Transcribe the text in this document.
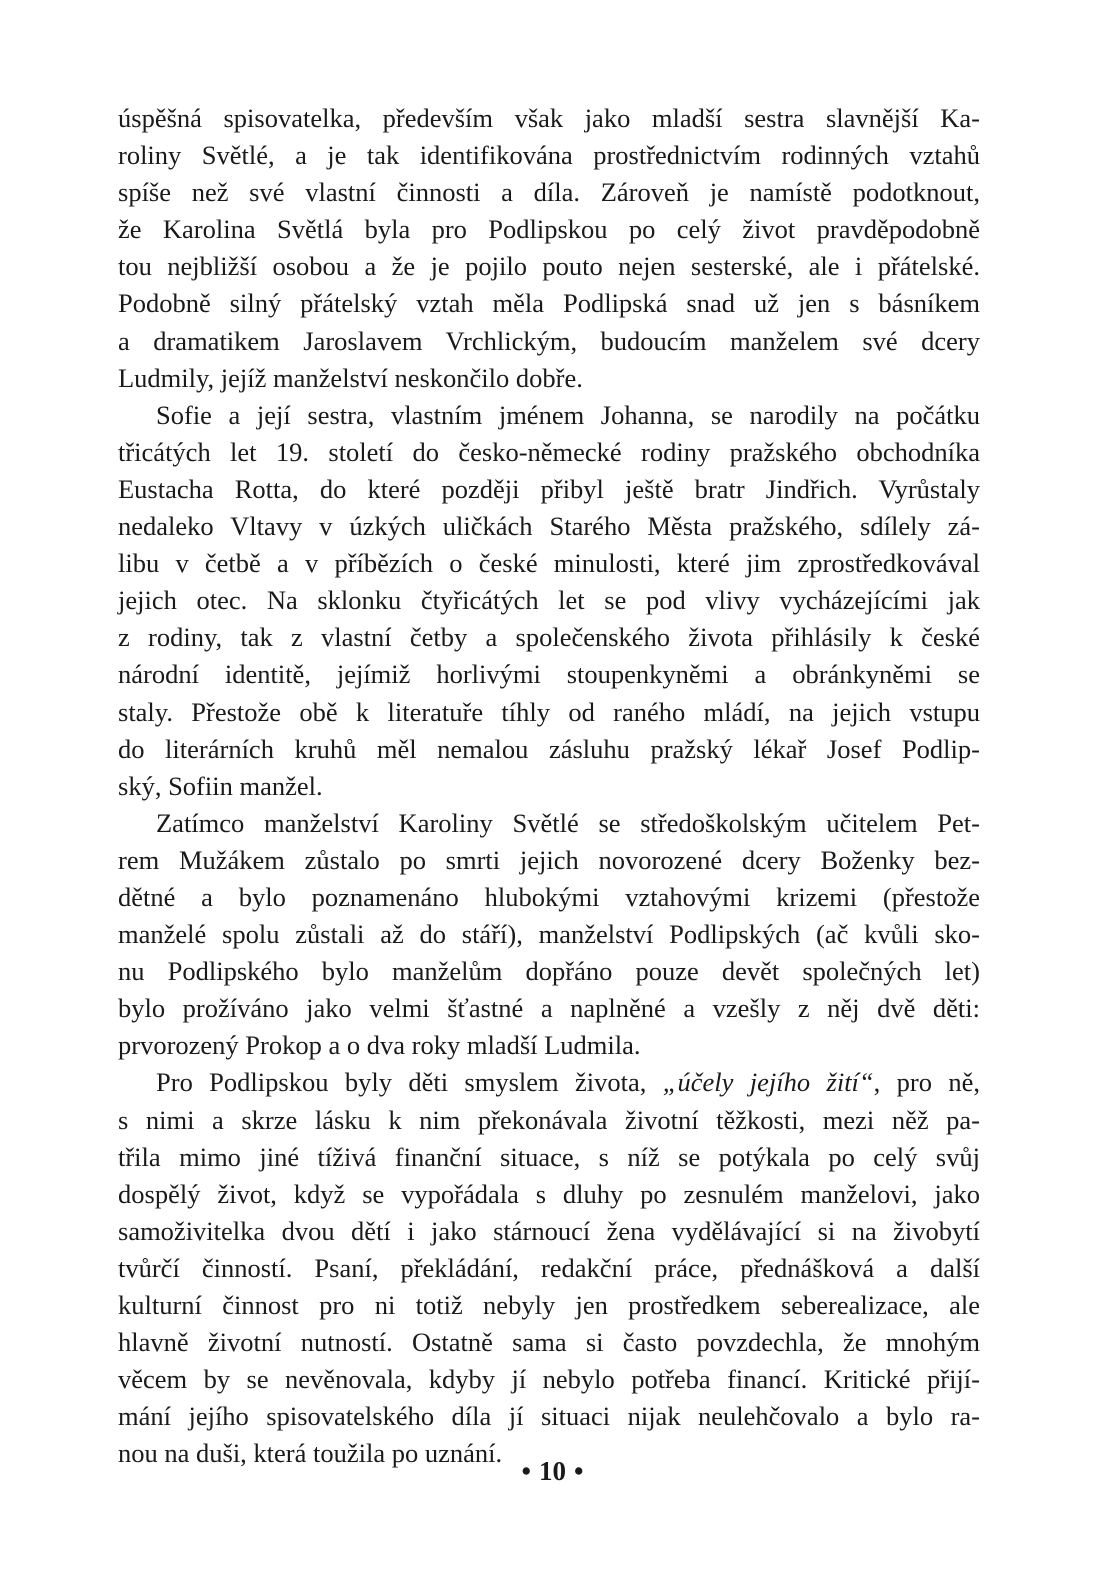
úspěšná spisovatelka, především však jako mladší sestra slavnější Ka-
roliny Světlé, a je tak identifikována prostřednictvím rodinných vztahů
spíše než své vlastní činnosti a díla. Zároveň je namístě podotknout,
že Karolina Světlá byla pro Podlipskou po celý život pravděpodobně
tou nejbližší osobou a že je pojilo pouto nejen sesterské, ale i přátelské.
Podobně silný přátelský vztah měla Podlipská snad už jen s básníkem
a dramatikem Jaroslavem Vrchlickým, budoucím manželem své dcery
Ludmily, jejíž manželství neskončilo dobře.

Sofie a její sestra, vlastním jménem Johanna, se narodily na počátku
třicátých let 19. století do česko-německé rodiny pražského obchodníka
Eustacha Rotta, do které později přibyl ještě bratr Jindřich. Vyrůstaly
nedaleko Vltavy v úzkých uličkách Starého Města pražského, sdílely zá-
libu v četbě a v příbězích o české minulosti, které jim zprostředkovával
jejich otec. Na sklonku čtyřicátých let se pod vlivy vycházejícími jak
z rodiny, tak z vlastní četby a společenského života přihlásily k české
národní identitě, jejímiž horlivými stoupenkyněmi a obránkyněmi se
staly. Přestože obě k literatuře tíhly od raného mládí, na jejich vstupu
do literárních kruhů měl nemalou zásluhu pražský lékař Josef Podlip-
ský, Sofiin manžel.

Zatímco manželství Karoliny Světlé se středoškolským učitelem Pet-
rem Mužákem zůstalo po smrti jejich novorozené dcery Boženky bez-
dětné a bylo poznamenáno hlubokými vztahovými krizemi (přestože
manželé spolu zůstali až do stáří), manželství Podlipských (ač kvůli sko-
nu Podlipského bylo manželům dopřáno pouze devět společných let)
bylo prožíváno jako velmi šťastné a naplněné a vzešly z něj dvě děti:
prvorozený Prokop a o dva roky mladší Ludmila.

Pro Podlipskou byly děti smyslem života, „účely jejího žití“, pro ně,
s nimi a skrze lásku k nim překonávala životní těžkosti, mezi něž pa-
třila mimo jiné tíživá finanční situace, s níž se potýkala po celý svůj
dospělý život, když se vypořádala s dluhy po zesnulém manželovi, jako
samoživitelka dvou dětí i jako stárnoucí žena vydělávající si na živobytí
tvůrčí činností. Psaní, překládání, redakční práce, přednášková a další
kulturní činnost pro ni totiž nebyly jen prostředkem seberealizace, ale
hlavně životní nutností. Ostatně sama si často povzdechla, že mnohým
věcem by se nevěnovala, kdyby jí nebylo potřeba financí. Kritické přijí-
mání jejího spisovatelského díla jí situaci nijak neulehčovalo a bylo ra-
nou na duši, která toužila po uznání.

• 10 •
